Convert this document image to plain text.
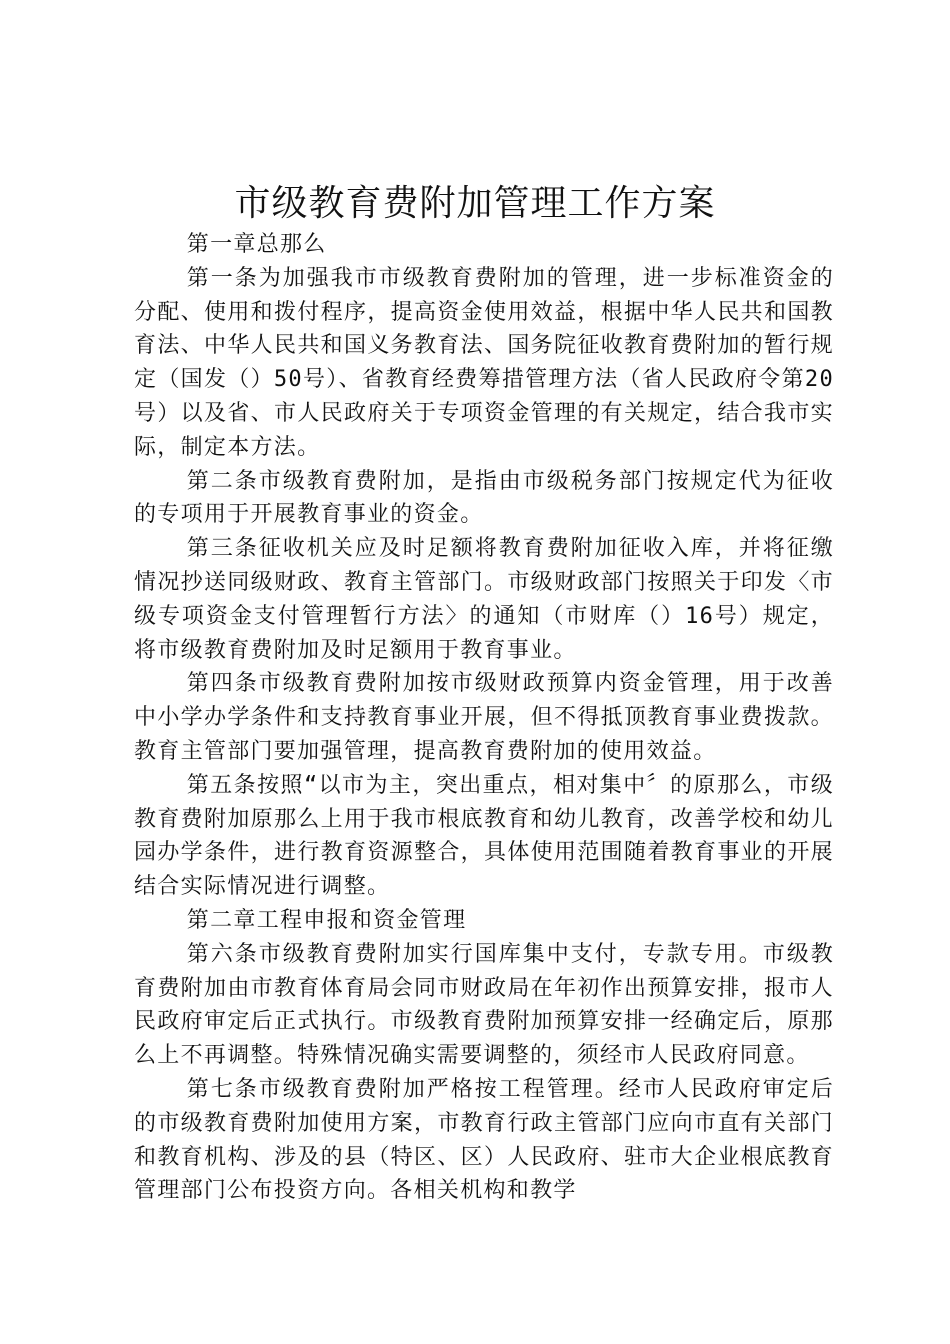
市级教育费附加管理工作方案

第一章总那么

第一条为加强我市市级教育费附加的管理，进一步标准资金的分配、使用和拨付程序，提高资金使用效益，根据中华人民共和国教育法、中华人民共和国义务教育法、国务院征收教育费附加的暂行规定（国发（）50号）、省教育经费筹措管理方法（省人民政府令第20号）以及省、市人民政府关于专项资金管理的有关规定，结合我市实际，制定本方法。

第二条市级教育费附加，是指由市级税务部门按规定代为征收的专项用于开展教育事业的资金。

第三条征收机关应及时足额将教育费附加征收入库，并将征缴情况抄送同级财政、教育主管部门。市级财政部门按照关于印发〈市级专项资金支付管理暂行方法〉的通知（市财库（）16号）规定，将市级教育费附加及时足额用于教育事业。

第四条市级教育费附加按市级财政预算内资金管理，用于改善中小学办学条件和支持教育事业开展，但不得抵顶教育事业费拨款。教育主管部门要加强管理，提高教育费附加的使用效益。

第五条按照“以市为主，突出重点，相对集中〞的原那么，市级教育费附加原那么上用于我市根底教育和幼儿教育，改善学校和幼儿园办学条件，进行教育资源整合，具体使用范围随着教育事业的开展结合实际情况进行调整。

第二章工程申报和资金管理

第六条市级教育费附加实行国库集中支付，专款专用。市级教育费附加由市教育体育局会同市财政局在年初作出预算安排，报市人民政府审定后正式执行。市级教育费附加预算安排一经确定后，原那么上不再调整。特殊情况确实需要调整的，须经市人民政府同意。

第七条市级教育费附加严格按工程管理。经市人民政府审定后的市级教育费附加使用方案，市教育行政主管部门应向市直有关部门和教育机构、涉及的县（特区、区）人民政府、驻市大企业根底教育管理部门公布投资方向。各相关机构和教学
